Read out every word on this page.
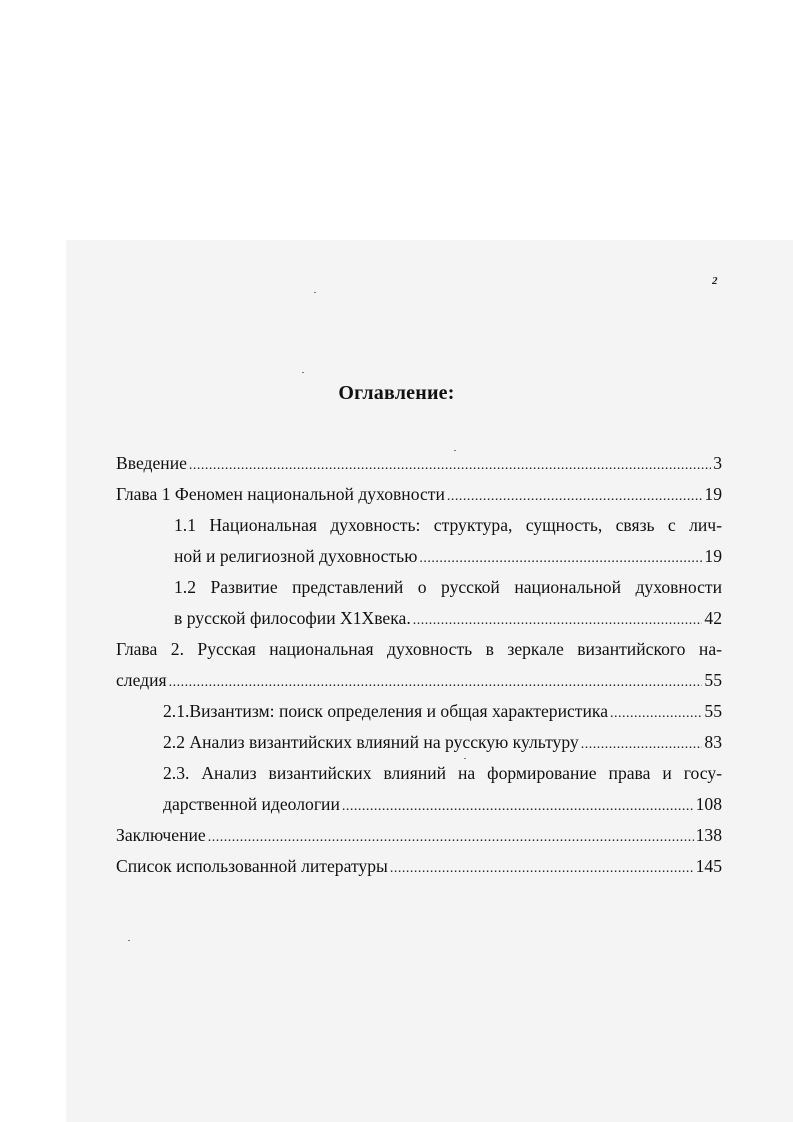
2
Оглавление:
Введение .....	3
Глава 1 Феномен национальной духовности .....	19
1.1 Национальная духовность: структура, сущность, связь с лич-
ной и религиозной духовностью .....	19
1.2 Развитие представлений о русской национальной духовности
в русской философии Х1Хвека. .....	42
Глава 2. Русская национальная духовность в зеркале византийского на-
следия .....	55
2.1.Византизм: поиск определения и общая характеристика .....	55
2.2 Анализ византийских влияний на русскую культуру .....	83
2.3. Анализ византийских влияний на формирование права и госу-
дарственной идеологии .....	108
Заключение .....	138
Список использованной литературы .....	145
